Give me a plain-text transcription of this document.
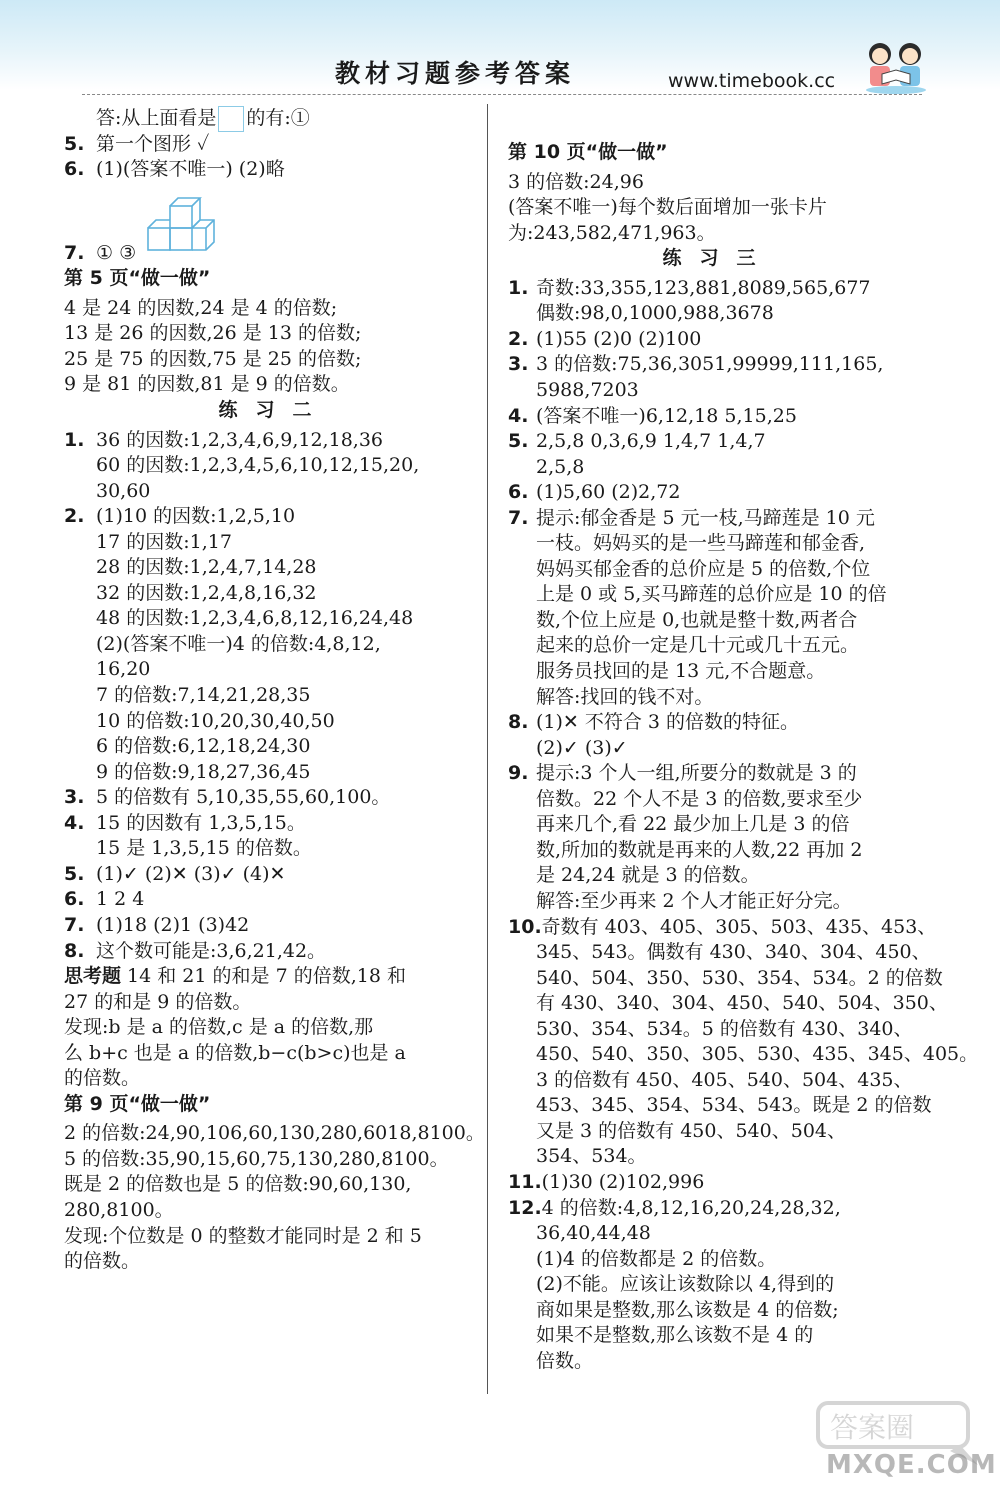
教材习题参考答案	www.timebook.cc
答:从上面看是 的有:①
5. 第一个图形 ✓
6. (1)(答案不唯一) (2)略
7. ① ③
第 5 页“做一做”
4 是 24 的因数,24 是 4 的倍数;
13 是 26 的因数,26 是 13 的倍数;
25 是 75 的因数,75 是 25 的倍数;
9 是 81 的因数,81 是 9 的倍数。
练习二
1. 36 的因数:1,2,3,4,6,9,12,18,36
60 的因数:1,2,3,4,5,6,10,12,15,20,
30,60
2. (1)10 的因数:1,2,5,10
17 的因数:1,17
28 的因数:1,2,4,7,14,28
32 的因数:1,2,4,8,16,32
48 的因数:1,2,3,4,6,8,12,16,24,48
(2)(答案不唯一)4 的倍数:4,8,12,
16,20
7 的倍数:7,14,21,28,35
10 的倍数:10,20,30,40,50
6 的倍数:6,12,18,24,30
9 的倍数:9,18,27,36,45
3. 5 的倍数有 5,10,35,55,60,100。
4. 15 的因数有 1,3,5,15。
15 是 1,3,5,15 的倍数。
5. (1)✓ (2)✕ (3)✓ (4)✕
6. 1 2 4
7. (1)18 (2)1 (3)42
8. 这个数可能是:3,6,21,42。
思考题 14 和 21 的和是 7 的倍数,18 和
27 的和是 9 的倍数。
发现:b 是 a 的倍数,c 是 a 的倍数,那
么 b+c 也是 a 的倍数,b−c(b>c)也是 a
的倍数。
第 9 页“做一做”
2 的倍数:24,90,106,60,130,280,6018,8100。
5 的倍数:35,90,15,60,75,130,280,8100。
既是 2 的倍数也是 5 的倍数:90,60,130,
280,8100。
发现:个位数是 0 的整数才能同时是 2 和 5
的倍数。
第 10 页“做一做”
3 的倍数:24,96
(答案不唯一)每个数后面增加一张卡片
为:243,582,471,963。
练习三
1. 奇数:33,355,123,881,8089,565,677
偶数:98,0,1000,988,3678
2. (1)55 (2)0 (2)100
3. 3 的倍数:75,36,3051,99999,111,165,
5988,7203
4. (答案不唯一)6,12,18 5,15,25
5. 2,5,8 0,3,6,9 1,4,7 1,4,7
2,5,8
6. (1)5,60 (2)2,72
7. 提示:郁金香是 5 元一枝,马蹄莲是 10 元
一枝。妈妈买的是一些马蹄莲和郁金香,
妈妈买郁金香的总价应是 5 的倍数,个位
上是 0 或 5,买马蹄莲的总价应是 10 的倍
数,个位上应是 0,也就是整十数,两者合
起来的总价一定是几十元或几十五元。
服务员找回的是 13 元,不合题意。
解答:找回的钱不对。
8. (1)✕ 不符合 3 的倍数的特征。
(2)✓ (3)✓
9. 提示:3 个人一组,所要分的数就是 3 的
倍数。22 个人不是 3 的倍数,要求至少
再来几个,看 22 最少加上几是 3 的倍
数,所加的数就是再来的人数,22 再加 2
是 24,24 就是 3 的倍数。
解答:至少再来 2 个人才能正好分完。
10.奇数有 403、405、305、503、435、453、
345、543。偶数有 430、340、304、450、
540、504、350、530、354、534。2 的倍数
有 430、340、304、450、540、504、350、
530、354、534。5 的倍数有 430、340、
450、540、350、305、530、435、345、405。
3 的倍数有 450、405、540、504、435、
453、345、354、534、543。既是 2 的倍数
又是 3 的倍数有 450、540、504、
354、534。
11.(1)30 (2)102,996
12.4 的倍数:4,8,12,16,20,24,28,32,
36,40,44,48
(1)4 的倍数都是 2 的倍数。
(2)不能。应该让该数除以 4,得到的
商如果是整数,那么该数是 4 的倍数;
如果不是整数,那么该数不是 4 的
倍数。
答案圈
MXQE.COM
